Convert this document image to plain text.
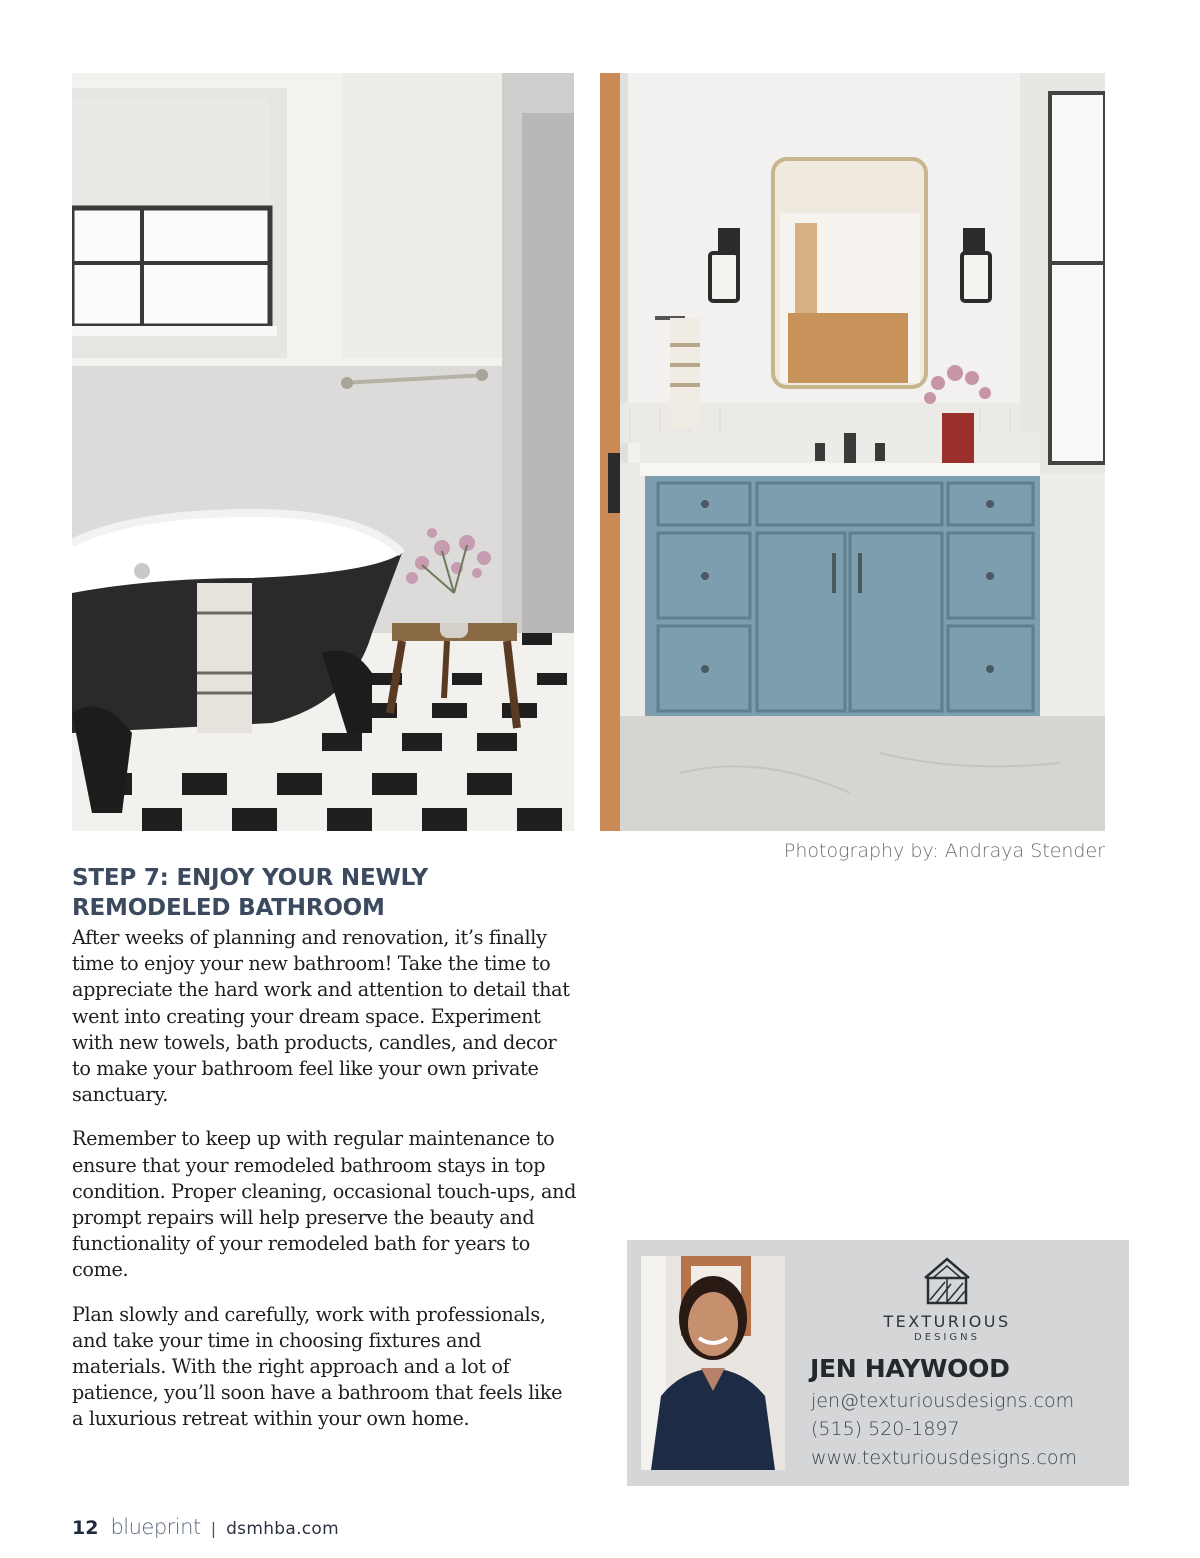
Photography by: Andraya Stender
STEP 7: ENJOY YOUR NEWLY REMODELED BATHROOM

After weeks of planning and renovation, it’s finally time to enjoy your new bathroom! Take the time to appreciate the hard work and attention to detail that went into creating your dream space. Experiment with new towels, bath products, candles, and decor to make your bathroom feel like your own private sanctuary.

Remember to keep up with regular maintenance to ensure that your remodeled bathroom stays in top condition. Proper cleaning, occasional touch-ups, and prompt repairs will help preserve the beauty and functionality of your remodeled bath for years to come.

Plan slowly and carefully, work with professionals, and take your time in choosing fixtures and materials. With the right approach and a lot of patience, you’ll soon have a bathroom that feels like a luxurious retreat within your own home.

TEXTURIOUS
DESIGNS
JEN HAYWOOD
jen@texturiousdesigns.com
(515) 520-1897
www.texturiousdesigns.com
12 blueprint | dsmhba.com
